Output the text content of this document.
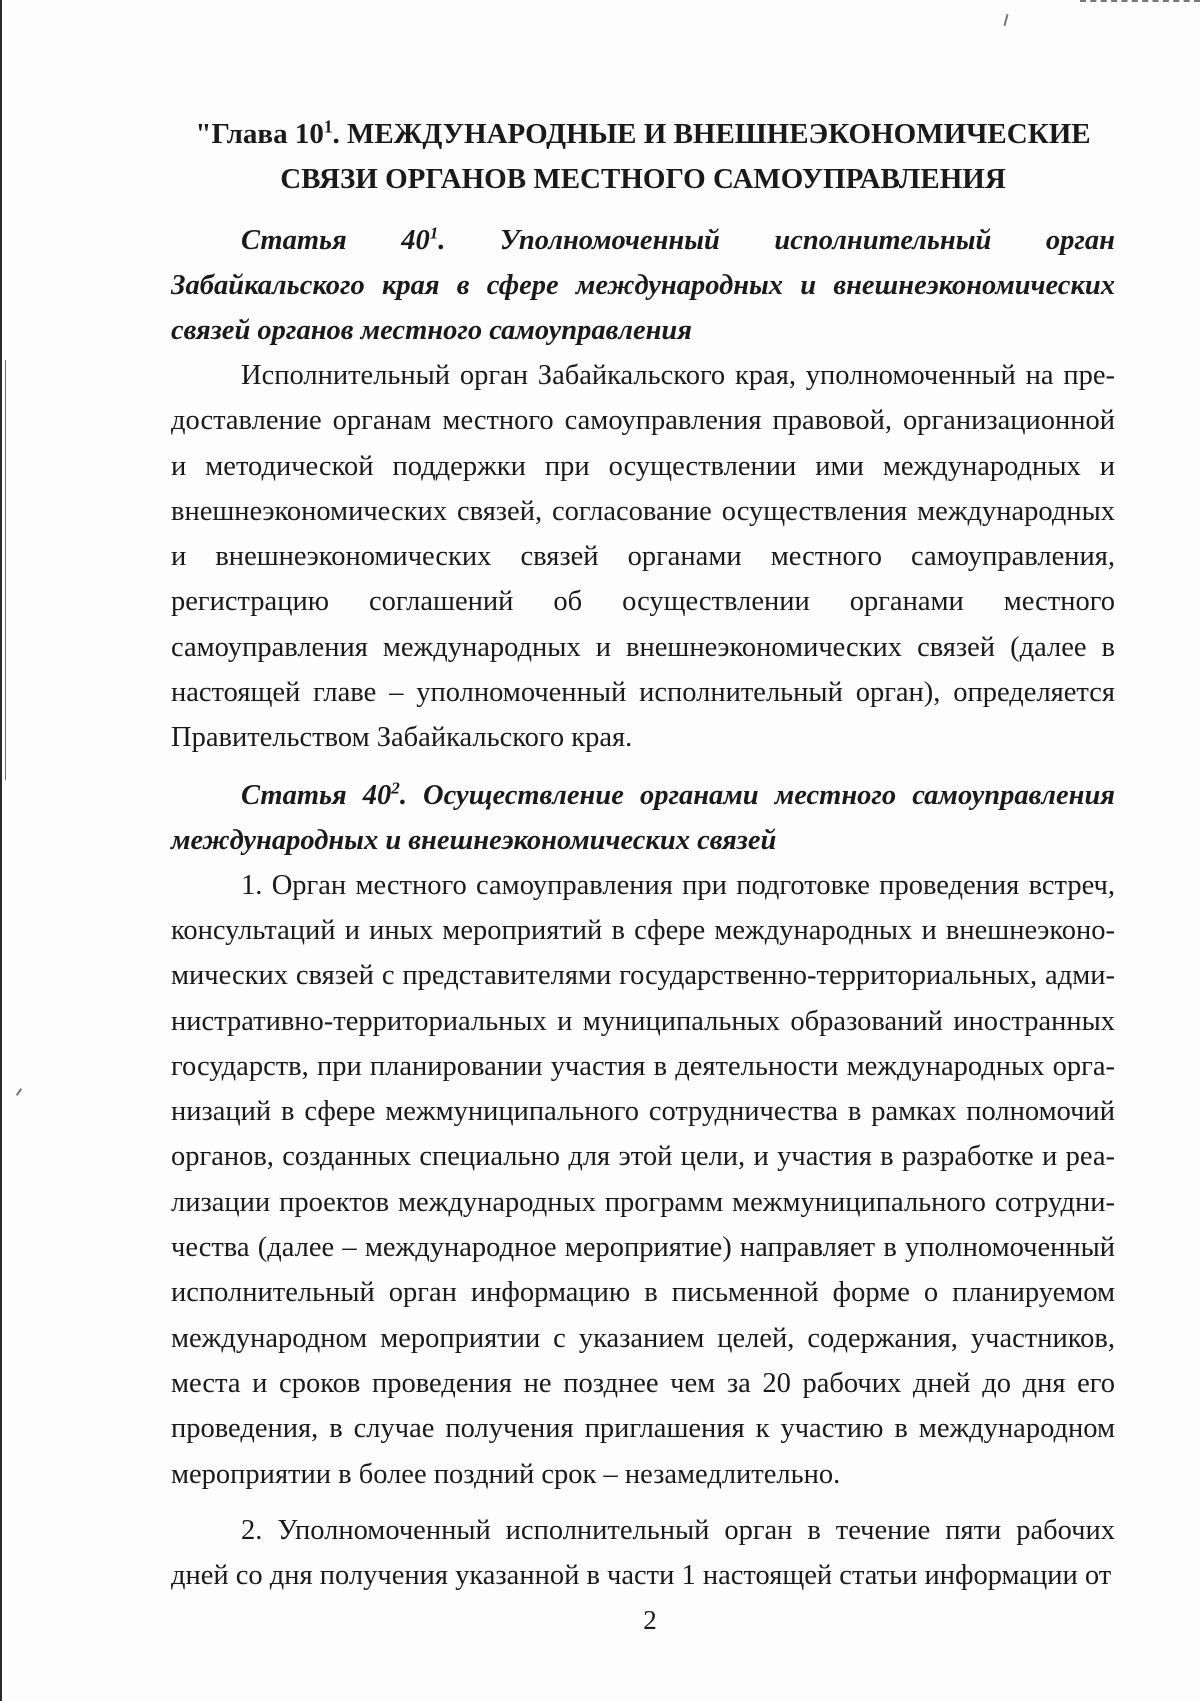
"Глава $10^1$. МЕЖДУНАРОДНЫЕ И ВНЕШНЕЭКОНОМИЧЕСКИЕ
СВЯЗИ ОРГАНОВ МЕСТНОГО САМОУПРАВЛЕНИЯ

Статья $40^1$. Уполномоченный исполнительный орган Забайкальского края в сфере международных и внешнеэкономических связей органов местного самоуправления

Исполнительный орган Забайкальского края, уполномоченный на предоставление органам местного самоуправления правовой, организационной и методической поддержки при осуществлении ими международных и внешнеэкономических связей, согласование осуществления международных и внешнеэкономических связей органами местного самоуправления, регистрацию соглашений об осуществлении органами местного самоуправления международных и внешнеэкономических связей (далее в настоящей главе – уполномоченный исполнительный орган), определяется Правительством Забайкальского края.

Статья $40^2$. Осуществление органами местного самоуправления международных и внешнеэкономических связей

1. Орган местного самоуправления при подготовке проведения встреч, консультаций и иных мероприятий в сфере международных и внешнеэкономических связей с представителями государственно-территориальных, административно-территориальных и муниципальных образований иностранных государств, при планировании участия в деятельности международных организаций в сфере межмуниципального сотрудничества в рамках полномочий органов, созданных специально для этой цели, и участия в разработке и реализации проектов международных программ межмуниципального сотрудничества (далее – международное мероприятие) направляет в уполномоченный исполнительный орган информацию в письменной форме о планируемом международном мероприятии с указанием целей, содержания, участников, места и сроков проведения не позднее чем за 20 рабочих дней до дня его проведения, в случае получения приглашения к участию в международном мероприятии в более поздний срок – незамедлительно.

2. Уполномоченный исполнительный орган в течение пяти рабочих дней со дня получения указанной в части 1 настоящей статьи информации от

2
